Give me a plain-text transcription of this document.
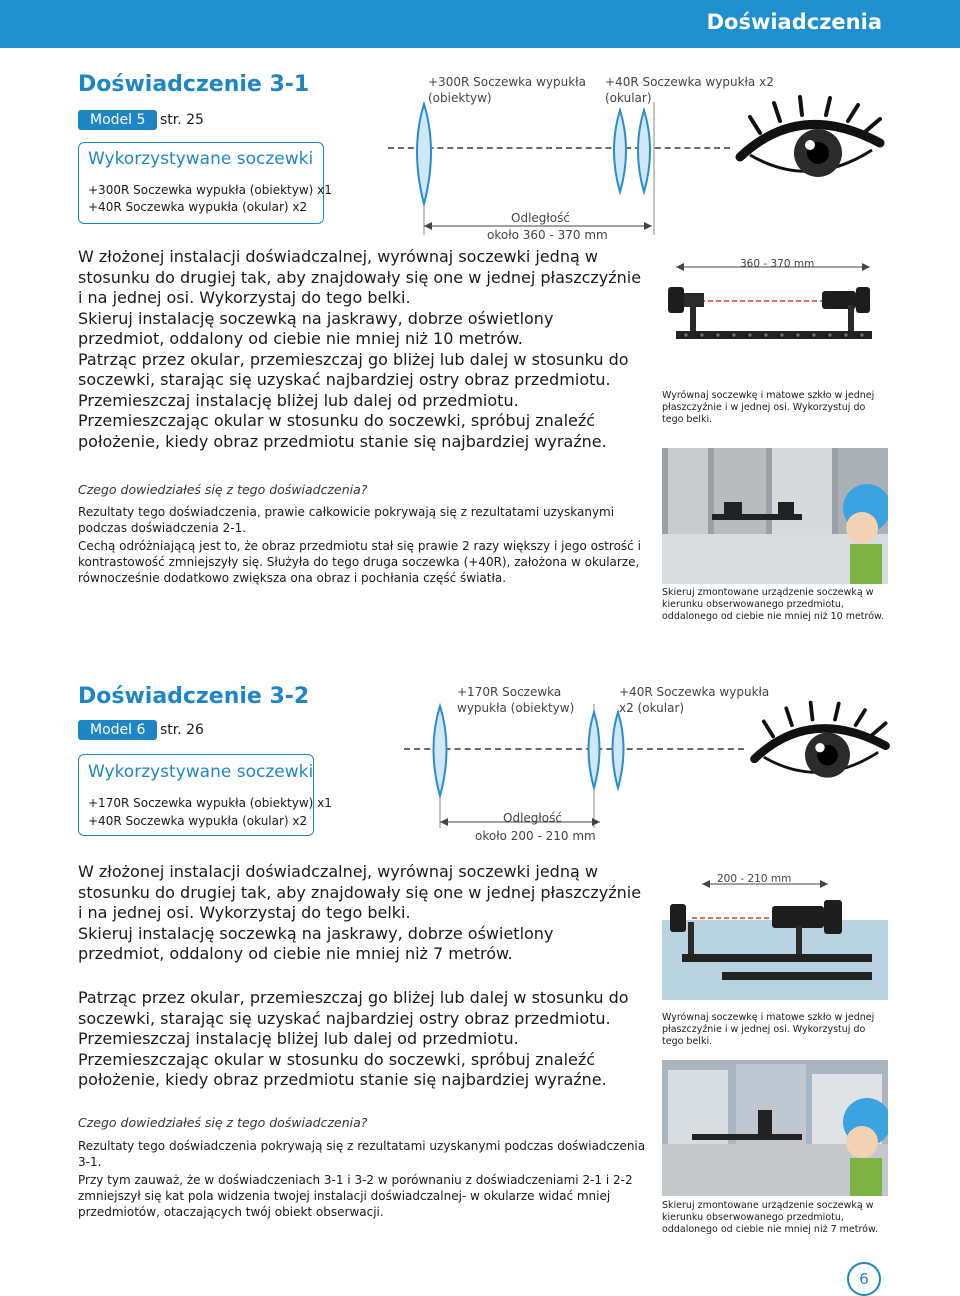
Doświadczenia
Doświadczenie 3-1
Model 5	str. 25
Wykorzystywane soczewki
+300R Soczewka wypukła (obiektyw) x1
+40R Soczewka wypukła (okular) x2
+300R Soczewka wypukła
(obiektyw)
+40R Soczewka wypukła x2
(okular)
Odległość
około 360 - 370 mm

W złożonej instalacji doświadczalnej, wyrównaj soczewki jedną w stosunku do drugiej tak, aby znajdowały się one w jednej płaszczyźnie i na jednej osi. Wykorzystaj do tego belki.

Skieruj instalację soczewką na jaskrawy, dobrze oświetlony przedmiot, oddalony od ciebie nie mniej niż 10 metrów.

Patrząc przez okular, przemieszczaj go bliżej lub dalej w stosunku do soczewki, starając się uzyskać najbardziej ostry obraz przedmiotu.

Przemieszczaj instalację bliżej lub dalej od przedmiotu.

Przemieszczając okular w stosunku do soczewki, spróbuj znaleźć położenie, kiedy obraz przedmiotu stanie się najbardziej wyraźne.

360 - 370 mm
Wyrównaj soczewkę i matowe szkło w jednej płaszczyźnie i w jednej osi. Wykorzystuj do tego belki.
Skieruj zmontowane urządzenie soczewką w kierunku obserwowanego przedmiotu, oddalonego od ciebie nie mniej niż 10 metrów.
Czego dowiedziałeś się z tego doświadczenia?
Rezultaty tego doświadczenia, prawie całkowicie pokrywają się z rezultatami uzyskanymi podczas doświadczenia 2-1.
Cechą odróżniającą jest to, że obraz przedmiotu stał się prawie 2 razy większy i jego ostrość i kontrastowość zmniejszyły się. Służyła do tego druga soczewka (+40R), założona w okularze, równocześnie dodatkowo zwiększa ona obraz i pochłania część światła.
Doświadczenie 3-2
Model 6	str. 26
Wykorzystywane soczewki
+170R Soczewka wypukła (obiektyw) x1
+40R Soczewka wypukła (okular) x2
+170R Soczewka
wypukła (obiektyw)
+40R Soczewka wypukła
x2 (okular)
Odległość
około 200 - 210 mm

W złożonej instalacji doświadczalnej, wyrównaj soczewki jedną w stosunku do drugiej tak, aby znajdowały się one w jednej płaszczyźnie i na jednej osi. Wykorzystaj do tego belki.

Skieruj instalację soczewką na jaskrawy, dobrze oświetlony przedmiot, oddalony od ciebie nie mniej niż 7 metrów.

Patrząc przez okular, przemieszczaj go bliżej lub dalej w stosunku do soczewki, starając się uzyskać najbardziej ostry obraz przedmiotu.

Przemieszczaj instalację bliżej lub dalej od przedmiotu.

Przemieszczając okular w stosunku do soczewki, spróbuj znaleźć położenie, kiedy obraz przedmiotu stanie się najbardziej wyraźne.

200 - 210 mm
Wyrównaj soczewkę i matowe szkło w jednej płaszczyźnie i w jednej osi. Wykorzystuj do tego belki.
Skieruj zmontowane urządzenie soczewką w kierunku obserwowanego przedmiotu, oddalonego od ciebie nie mniej niż 7 metrów.
Czego dowiedziałeś się z tego doświadczenia?
Rezultaty tego doświadczenia pokrywają się z rezultatami uzyskanymi podczas doświadczenia 3-1.
Przy tym zauważ, że w doświadczeniach 3-1 i 3-2 w porównaniu z doświadczeniami 2-1 i 2-2 zmniejszył się kat pola widzenia twojej instalacji doświadczalnej- w okularze widać mniej przedmiotów, otaczających twój obiekt obserwacji.
6
